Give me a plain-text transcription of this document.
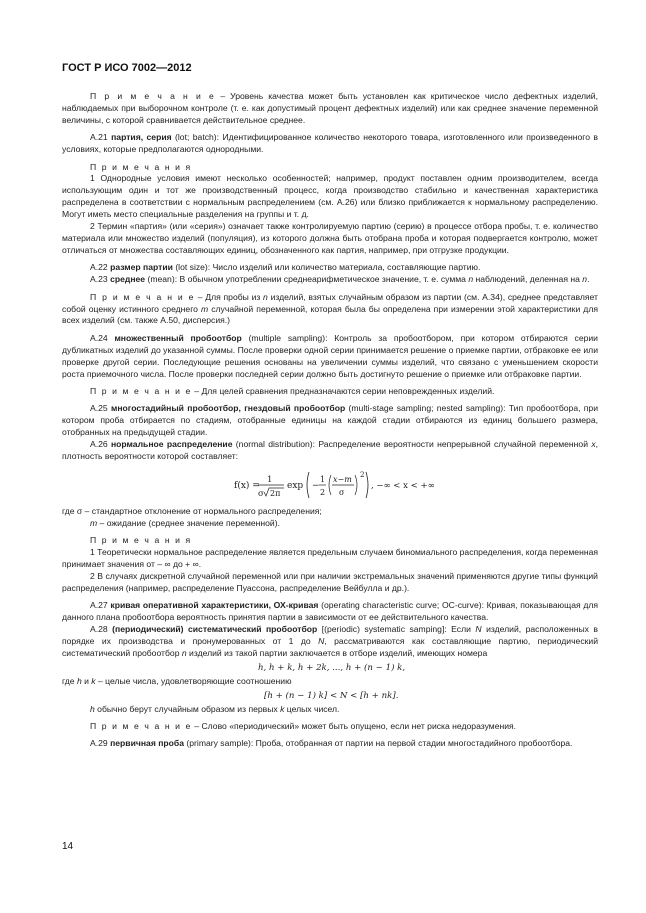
ГОСТ Р ИСО 7002—2012

П р и м е ч а н и е – Уровень качества может быть установлен как критическое число дефектных изделий, наблюдаемых при выборочном контроле (т. е. как допустимый процент дефектных изделий) или как среднее значение переменной величины, с которой сравнивается действительное среднее.

А.21 партия, серия (lot; batch): Идентифицированное количество некоторого товара, изготовленного или произведенного в условиях, которые предполагаются однородными.

П р и м е ч а н и я

1 Однородные условия имеют несколько особенностей; например, продукт поставлен одним производителем, всегда использующим один и тот же производственный процесс, когда производство стабильно и качественная характеристика распределена в соответствии с нормальным распределением (см. А.26) или близко приближается к нормальному распределению. Могут иметь место специальные разделения на группы и т. д.

2 Термин «партия» (или «серия») означает также контролируемую партию (серию) в процессе отбора пробы, т. е. количество материала или множество изделий (популяция), из которого должна быть отобрана проба и которая подвергается контролю, может отличаться от множества составляющих единиц, обозначенного как партия, например, при отгрузке продукции.

А.22 размер партии (lot size): Число изделий или количество материала, составляющие партию.

А.23 среднее (mean): В обычном употреблении среднеарифметическое значение, т. е. сумма n наблюдений, деленная на n.

П р и м е ч а н и е – Для пробы из n изделий, взятых случайным образом из партии (см. А.34), среднее представляет собой оценку истинного среднего m случайной переменной, которая была бы определена при измерении этой характеристики для всех изделий (см. также А.50, дисперсия.)

А.24 множественный пробоотбор (multiple sampling): Контроль за пробоотбором, при котором отбираются серии дубликатных изделий до указанной суммы. После проверки одной серии принимается решение о приемке партии, отбраковке ее или проверке другой серии. Последующие решения основаны на увеличении суммы изделий, что связано с уменьшением скорости роста приемочного числа. После проверки последней серии должно быть достигнуто решение о приемке или отбраковке партии.

П р и м е ч а н и е – Для целей сравнения предназначаются серии неповрежденных изделий.

А.25 многостадийный пробоотбор, гнездовый пробоотбор (multi-stage sampling; nested sampling): Тип пробоотбора, при котором проба отбирается по стадиям, отобранные единицы на каждой стадии отбираются из единиц большего размера, отобранных на предыдущей стадии.

А.26 нормальное распределение (normal distribution): Распределение вероятности непрерывной случайной переменной x, плотность вероятности которой составляет:

f(x) =
1
σ 2π
exp −
1
2
x−m
σ
2
, −∞ < x < +∞

где σ – стандартное отклонение от нормального распределения;

m – ожидание (среднее значение переменной).

П р и м е ч а н и я

1 Теоретически нормальное распределение является предельным случаем биномиального распределения, когда переменная принимает значения от – ∞ до + ∞.

2 В случаях дискретной случайной переменной или при наличии экстремальных значений применяются другие типы функций распределения (например, распределение Пуассона, распределение Вейбулла и др.).

А.27 кривая оперативной характеристики, ОХ-кривая (operating characteristic curve; OC-curve): Кривая, показывающая для данного плана пробоотбора вероятность принятия партии в зависимости от ее действительного качества.

А.28 (периодический) систематический пробоотбор [(periodic) systematic samping]: Если N изделий, расположенных в порядке их производства и пронумерованных от 1 до N, рассматриваются как составляющие партию, периодический систематический пробоотбор n изделий из такой партии заключается в отборе изделий, имеющих номера

h, h + k, h + 2k, ..., h + (n − 1) k,

где h и k – целые числа, удовлетворяющие соотношению

[h + (n − 1) k] < N < [h + nk].

h обычно берут случайным образом из первых k целых чисел.

П р и м е ч а н и е – Слово «периодический» может быть опущено, если нет риска недоразумения.

А.29 первичная проба (primary sample): Проба, отобранная от партии на первой стадии многостадийного пробоотбора.

14
